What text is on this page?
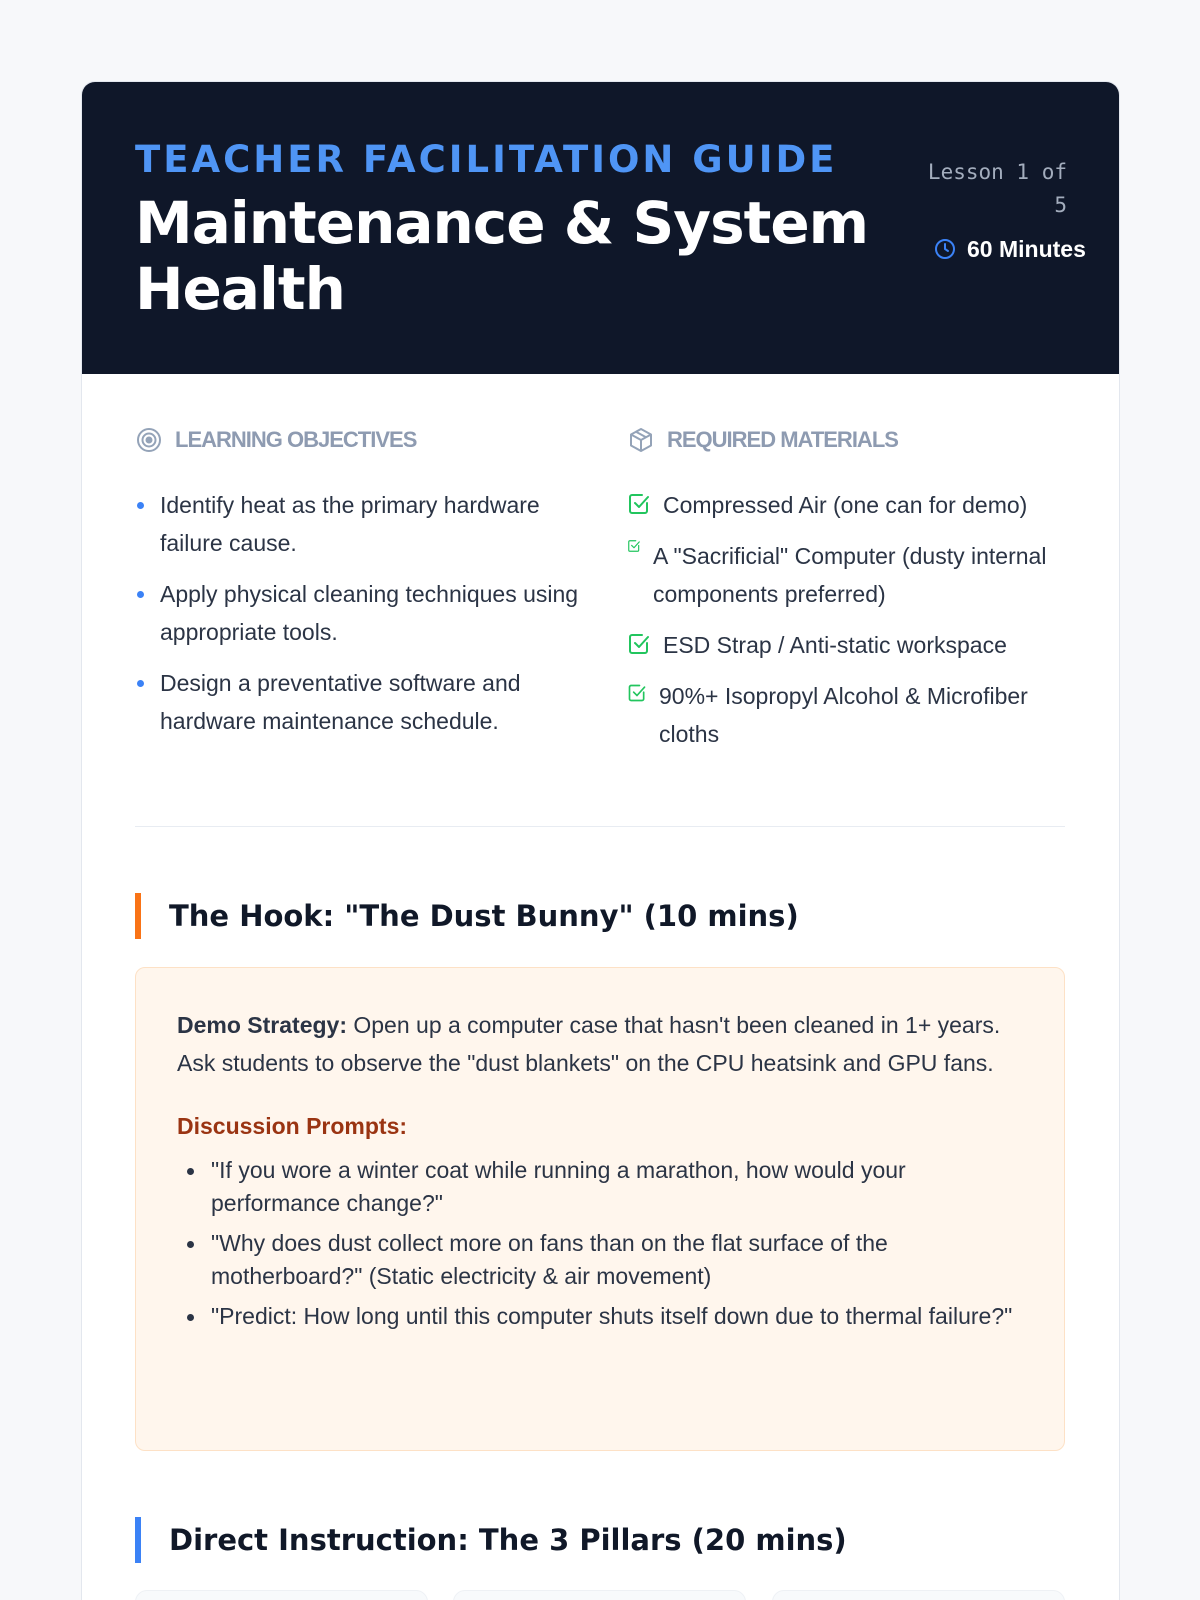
TEACHER FACILITATION GUIDE
Maintenance & System Health
Lesson 1 of 5
60 Minutes
LEARNING OBJECTIVES
Identify heat as the primary hardware failure cause.
Apply physical cleaning techniques using appropriate tools.
Design a preventative software and hardware maintenance schedule.
REQUIRED MATERIALS
Compressed Air (one can for demo)
A "Sacrificial" Computer (dusty internal components preferred)
ESD Strap / Anti-static workspace
90%+ Isopropyl Alcohol & Microfiber cloths
The Hook: "The Dust Bunny" (10 mins)

Demo Strategy: Open up a computer case that hasn't been cleaned in 1+ years. Ask students to observe the "dust blankets" on the CPU heatsink and GPU fans.

Discussion Prompts:
"If you wore a winter coat while running a marathon, how would your performance change?"
"Why does dust collect more on fans than on the flat surface of the motherboard?" (Static electricity & air movement)
"Predict: How long until this computer shuts itself down due to thermal failure?"
Direct Instruction: The 3 Pillars (20 mins)
